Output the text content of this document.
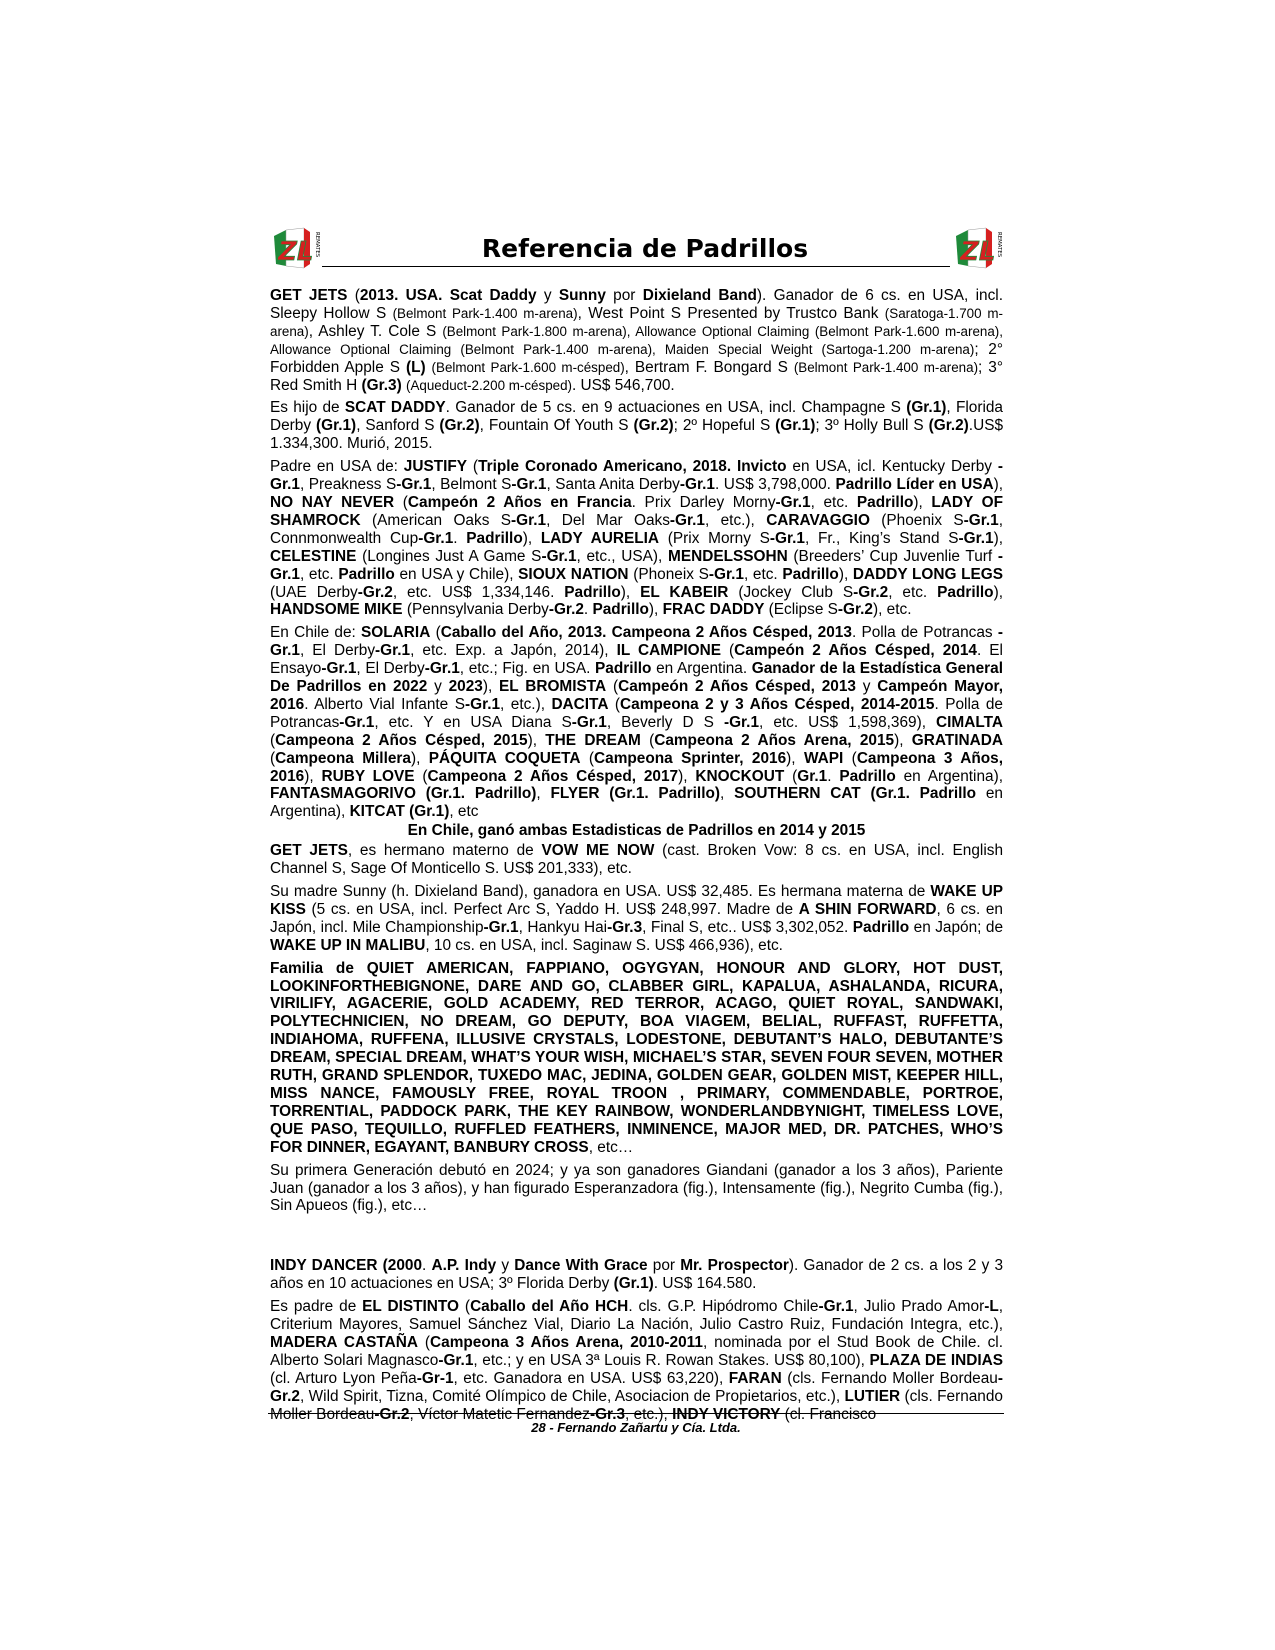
ZL REMATES	ZL REMATES
Referencia de Padrillos

GET JETS (2013. USA. Scat Daddy y Sunny por Dixieland Band). Ganador de 6 cs. en USA, incl. Sleepy Hollow S (Belmont Park-1.400 m-arena), West Point S Presented by Trustco Bank (Saratoga-1.700 m-arena), Ashley T. Cole S (Belmont Park-1.800 m-arena), Allowance Optional Claiming (Belmont Park-1.600 m-arena), Allowance Optional Claiming (Belmont Park-1.400 m-arena), Maiden Special Weight (Sartoga-1.200 m-arena); 2° Forbidden Apple S (L) (Belmont Park-1.600 m-césped), Bertram F. Bongard S (Belmont Park-1.400 m-arena); 3° Red Smith H (Gr.3) (Aqueduct-2.200 m-césped). US$ 546,700.

Es hijo de SCAT DADDY. Ganador de 5 cs. en 9 actuaciones en USA, incl. Champagne S (Gr.1), Florida Derby (Gr.1), Sanford S (Gr.2), Fountain Of Youth S (Gr.2); 2º Hopeful S (Gr.1); 3º Holly Bull S (Gr.2).US$ 1.334,300. Murió, 2015.

Padre en USA de: JUSTIFY (Triple Coronado Americano, 2018. Invicto en USA, icl. Kentucky Derby -Gr.1, Preakness S-Gr.1, Belmont S-Gr.1, Santa Anita Derby-Gr.1. US$ 3,798,000. Padrillo Líder en USA), NO NAY NEVER (Campeón 2 Años en Francia. Prix Darley Morny-Gr.1, etc. Padrillo), LADY OF SHAMROCK (American Oaks S-Gr.1, Del Mar Oaks-Gr.1, etc.), CARAVAGGIO (Phoenix S-Gr.1, Connmonwealth Cup-Gr.1. Padrillo), LADY AURELIA (Prix Morny S-Gr.1, Fr., King’s Stand S-Gr.1), CELESTINE (Longines Just A Game S-Gr.1, etc., USA), MENDELSSOHN (Breeders’ Cup Juvenlie Turf -Gr.1, etc. Padrillo en USA y Chile), SIOUX NATION (Phoneix S-Gr.1, etc. Padrillo), DADDY LONG LEGS (UAE Derby-Gr.2, etc. US$ 1,334,146. Padrillo), EL KABEIR (Jockey Club S-Gr.2, etc. Padrillo), HANDSOME MIKE (Pennsylvania Derby-Gr.2. Padrillo), FRAC DADDY (Eclipse S-Gr.2), etc.

En Chile de: SOLARIA (Caballo del Año, 2013. Campeona 2 Años Césped, 2013. Polla de Potrancas -Gr.1, El Derby-Gr.1, etc. Exp. a Japón, 2014), IL CAMPIONE (Campeón 2 Años Césped, 2014. El Ensayo-Gr.1, El Derby-Gr.1, etc.; Fig. en USA. Padrillo en Argentina. Ganador de la Estadística General De Padrillos en 2022 y 2023), EL BROMISTA (Campeón 2 Años Césped, 2013 y Campeón Mayor, 2016. Alberto Vial Infante S-Gr.1, etc.), DACITA (Campeona 2 y 3 Años Césped, 2014-2015. Polla de Potrancas-Gr.1, etc. Y en USA Diana S-Gr.1, Beverly D S -Gr.1, etc. US$ 1,598,369), CIMALTA (Campeona 2 Años Césped, 2015), THE DREAM (Campeona 2 Años Arena, 2015), GRATINADA (Campeona Millera), PÁQUITA COQUETA (Campeona Sprinter, 2016), WAPI (Campeona 3 Años, 2016), RUBY LOVE (Campeona 2 Años Césped, 2017), KNOCKOUT (Gr.1. Padrillo en Argentina), FANTASMAGORIVO (Gr.1. Padrillo), FLYER (Gr.1. Padrillo), SOUTHERN CAT (Gr.1. Padrillo en Argentina), KITCAT (Gr.1), etc

En Chile, ganó ambas Estadisticas de Padrillos en 2014 y 2015

GET JETS, es hermano materno de VOW ME NOW (cast. Broken Vow: 8 cs. en USA, incl. English Channel S, Sage Of Monticello S. US$ 201,333), etc.

Su madre Sunny (h. Dixieland Band), ganadora en USA. US$ 32,485. Es hermana materna de WAKE UP KISS (5 cs. en USA, incl. Perfect Arc S, Yaddo H. US$ 248,997. Madre de A SHIN FORWARD, 6 cs. en Japón, incl. Mile Championship-Gr.1, Hankyu Hai-Gr.3, Final S, etc.. US$ 3,302,052. Padrillo en Japón; de WAKE UP IN MALIBU, 10 cs. en USA, incl. Saginaw S. US$ 466,936), etc.

Familia de QUIET AMERICAN, FAPPIANO, OGYGYAN, HONOUR AND GLORY, HOT DUST, LOOKINFORTHEBIGNONE, DARE AND GO, CLABBER GIRL, KAPALUA, ASHALANDA, RICURA, VIRILIFY, AGACERIE, GOLD ACADEMY, RED TERROR, ACAGO, QUIET ROYAL, SANDWAKI, POLYTECHNICIEN, NO DREAM, GO DEPUTY, BOA VIAGEM, BELIAL, RUFFAST, RUFFETTA, INDIAHOMA, RUFFENA, ILLUSIVE CRYSTALS, LODESTONE, DEBUTANT’S HALO, DEBUTANTE’S DREAM, SPECIAL DREAM, WHAT’S YOUR WISH, MICHAEL’S STAR, SEVEN FOUR SEVEN, MOTHER RUTH, GRAND SPLENDOR, TUXEDO MAC, JEDINA, GOLDEN GEAR, GOLDEN MIST, KEEPER HILL, MISS NANCE, FAMOUSLY FREE, ROYAL TROON , PRIMARY, COMMENDABLE, PORTROE, TORRENTIAL, PADDOCK PARK, THE KEY RAINBOW, WONDERLANDBYNIGHT, TIMELESS LOVE, QUE PASO, TEQUILLO, RUFFLED FEATHERS, INMINENCE, MAJOR MED, DR. PATCHES, WHO’S FOR DINNER, EGAYANT, BANBURY CROSS, etc…

Su primera Generación debutó en 2024; y ya son ganadores Giandani (ganador a los 3 años), Pariente Juan (ganador a los 3 años), y han figurado Esperanzadora (fig.), Intensamente (fig.), Negrito Cumba (fig.), Sin Apueos (fig.), etc…

INDY DANCER (2000. A.P. Indy y Dance With Grace por Mr. Prospector). Ganador de 2 cs. a los 2 y 3 años en 10 actuaciones en USA; 3º Florida Derby (Gr.1). US$ 164.580.

Es padre de EL DISTINTO (Caballo del Año HCH. cls. G.P. Hipódromo Chile-Gr.1, Julio Prado Amor-L, Criterium Mayores, Samuel Sánchez Vial, Diario La Nación, Julio Castro Ruiz, Fundación Integra, etc.), MADERA CASTAÑA (Campeona 3 Años Arena, 2010-2011, nominada por el Stud Book de Chile. cl. Alberto Solari Magnasco-Gr.1, etc.; y en USA 3ª Louis R. Rowan Stakes. US$ 80,100), PLAZA DE INDIAS (cl. Arturo Lyon Peña-Gr-1, etc. Ganadora en USA. US$ 63,220), FARAN (cls. Fernando Moller Bordeau-Gr.2, Wild Spirit, Tizna, Comité Olímpico de Chile, Asociacion de Propietarios, etc.), LUTIER (cls. Fernando Moller Bordeau-Gr.2, Víctor Matetic Fernandez-Gr.3, etc.), INDY VICTORY (cl. Francisco

28 - Fernando Zañartu y Cía. Ltda.
